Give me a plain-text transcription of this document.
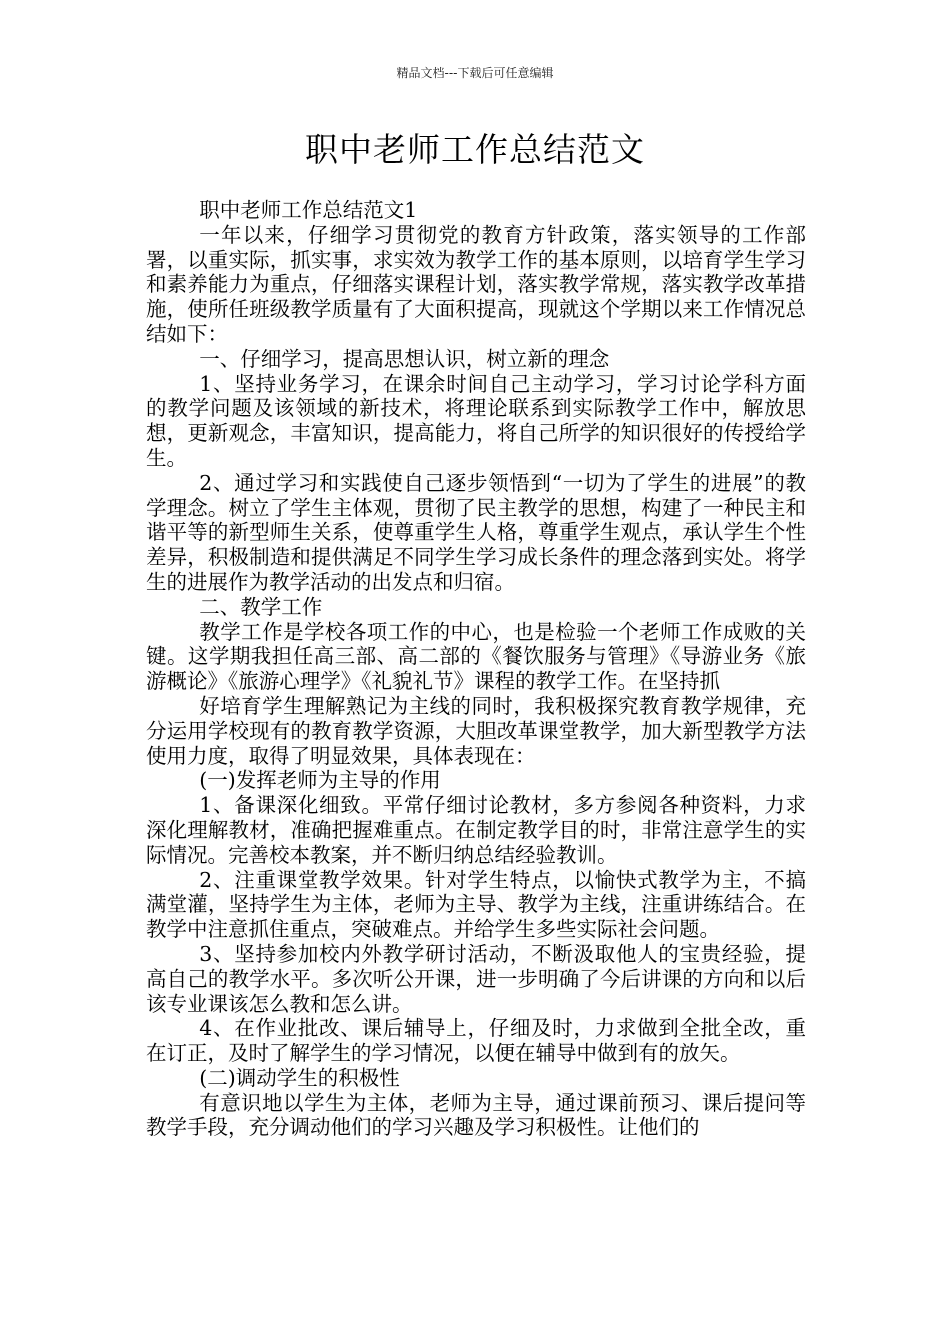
精品文档---下载后可任意编辑
职中老师工作总结范文

职中老师工作总结范文1

一年以来，仔细学习贯彻党的教育方针政策，落实领导的工作部署，以重实际，抓实事，求实效为教学工作的基本原则，以培育学生学习和素养能力为重点，仔细落实课程计划，落实教学常规，落实教学改革措施，使所任班级教学质量有了大面积提高，现就这个学期以来工作情况总结如下：

一、仔细学习，提高思想认识，树立新的理念

1、坚持业务学习，在课余时间自己主动学习，学习讨论学科方面的教学问题及该领域的新技术，将理论联系到实际教学工作中，解放思想，更新观念，丰富知识，提高能力，将自己所学的知识很好的传授给学生。

2、通过学习和实践使自己逐步领悟到“一切为了学生的进展”的教学理念。树立了学生主体观，贯彻了民主教学的思想，构建了一种民主和谐平等的新型师生关系，使尊重学生人格，尊重学生观点，承认学生个性差异，积极制造和提供满足不同学生学习成长条件的理念落到实处。将学生的进展作为教学活动的出发点和归宿。

二、教学工作

教学工作是学校各项工作的中心，也是检验一个老师工作成败的关键。这学期我担任高三部、高二部的《餐饮服务与管理》《导游业务《旅游概论》《旅游心理学》《礼貌礼节》课程的教学工作。在坚持抓

好培育学生理解熟记为主线的同时，我积极探究教育教学规律，充分运用学校现有的教育教学资源，大胆改革课堂教学，加大新型教学方法使用力度，取得了明显效果，具体表现在：

(一)发挥老师为主导的作用

1、备课深化细致。平常仔细讨论教材，多方参阅各种资料，力求深化理解教材，准确把握难重点。在制定教学目的时，非常注意学生的实际情况。完善校本教案，并不断归纳总结经验教训。

2、注重课堂教学效果。针对学生特点，以愉快式教学为主，不搞满堂灌，坚持学生为主体，老师为主导、教学为主线，注重讲练结合。在教学中注意抓住重点，突破难点。并给学生多些实际社会问题。

3、坚持参加校内外教学研讨活动，不断汲取他人的宝贵经验，提高自己的教学水平。多次听公开课，进一步明确了今后讲课的方向和以后该专业课该怎么教和怎么讲。

4、在作业批改、课后辅导上，仔细及时，力求做到全批全改，重在订正，及时了解学生的学习情况，以便在辅导中做到有的放矢。

(二)调动学生的积极性

有意识地以学生为主体，老师为主导，通过课前预习、课后提问等教学手段，充分调动他们的学习兴趣及学习积极性。让他们的
